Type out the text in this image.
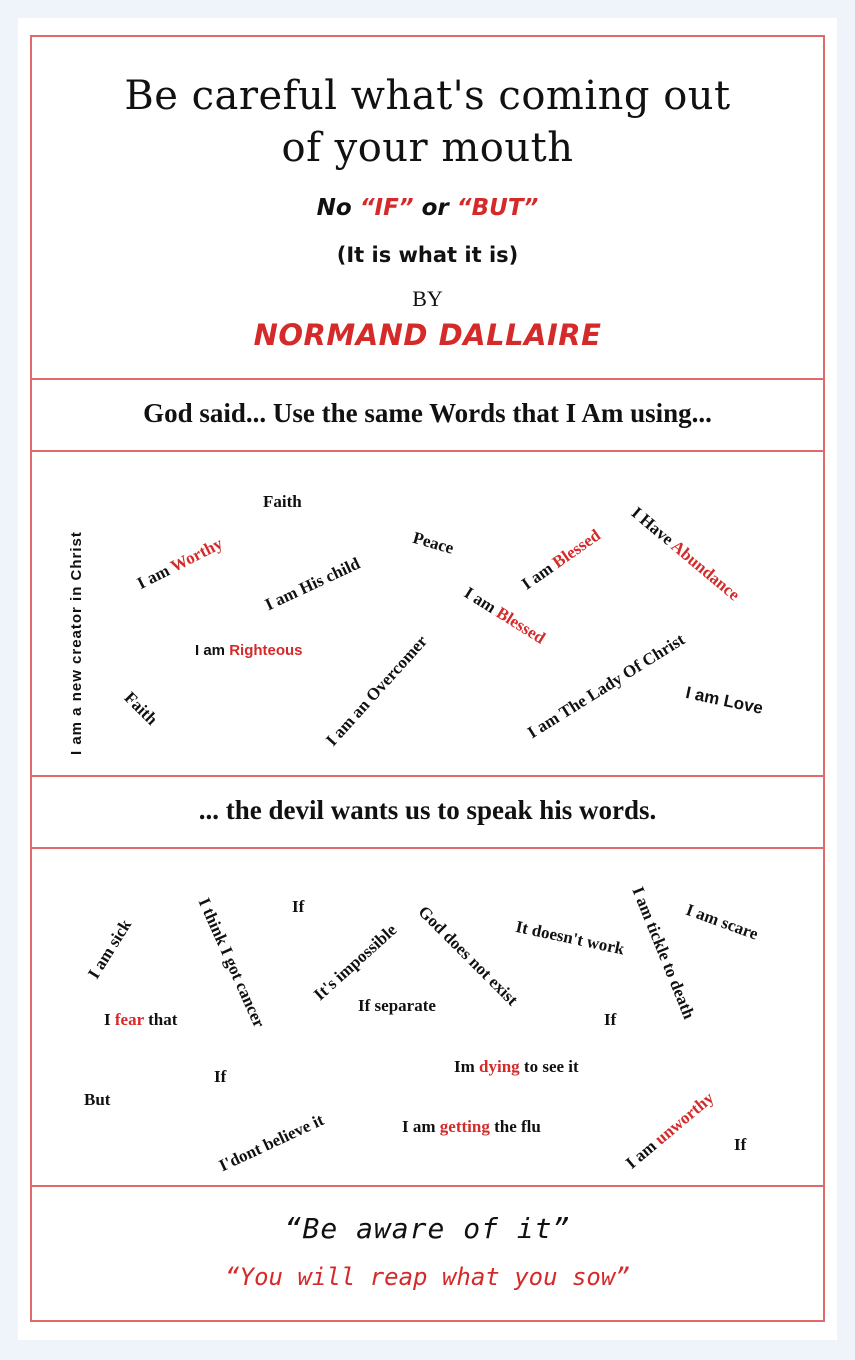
Be careful what's coming out
of your mouth
No “IF” or “BUT”
(It is what it is)
BY
NORMAND DALLAIRE
God said... Use the same Words that I Am using...
I am a new creator in Christ	I am Worthy
Faith
I am His child
Peace
I am Blessed I Have Abundance
I am Blessed
I am Righteous I am an Overcomer	I am The Lady Of Christ
Faith	I am Love
... the devil wants us to speak his words.
I am sick	I think I got cancer If
It's impossible God does not exist
It doesn't work I am tickle to death
I am scare
I fear that
If separate
If
Im dying to see it
If
But
I'dont believe it	I am getting the flu
I am unworthy If
“Be aware of it”
“You will reap what you sow”
